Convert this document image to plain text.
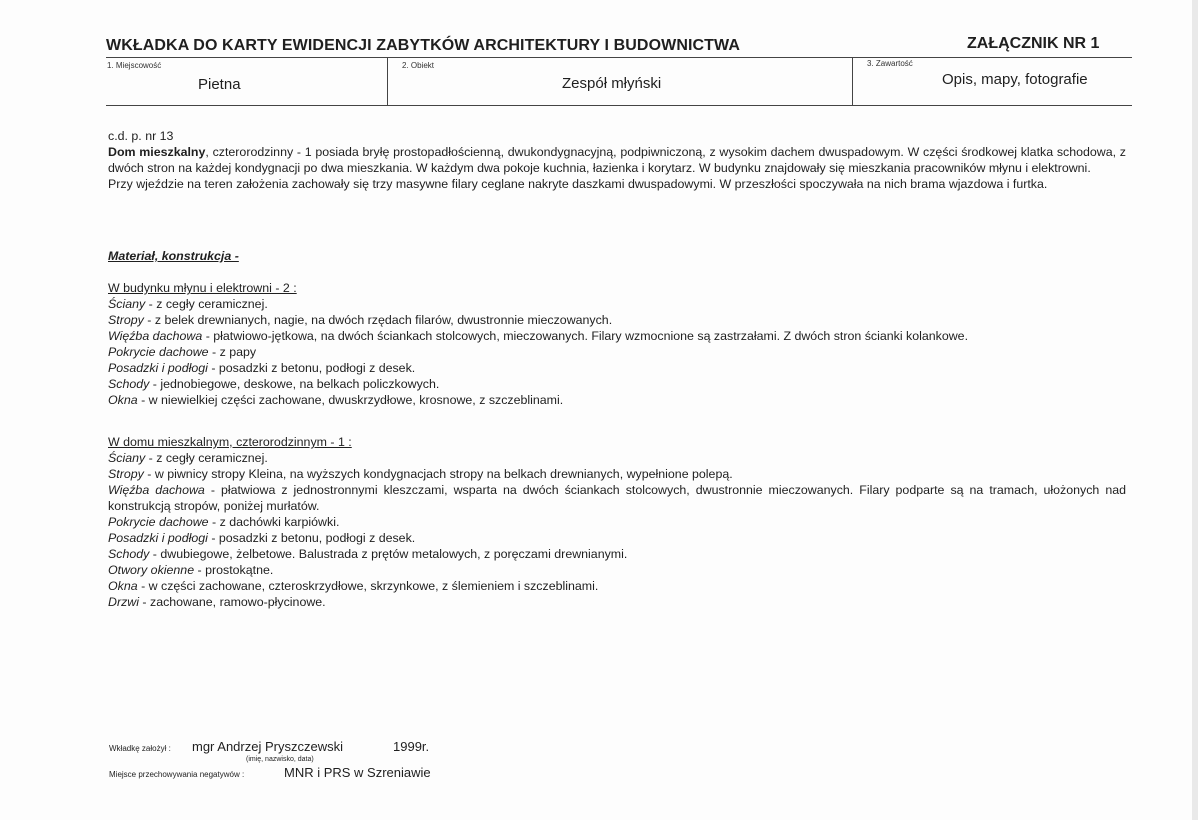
WKŁADKA DO KARTY EWIDENCJI ZABYTKÓW ARCHITEKTURY I BUDOWNICTWA	ZAŁĄCZNIK NR 1
1. Miejscowość
Pietna
2. Obiekt
Zespół młyński
3. Zawartość
Opis, mapy, fotografie

c.d. p. nr 13

Dom mieszkalny, czterorodzinny - 1 posiada bryłę prostopadłościenną, dwukondygnacyjną, podpiwniczoną, z wysokim dachem dwuspadowym. W części środkowej klatka schodowa, z dwóch stron na każdej kondygnacji po dwa mieszkania. W każdym dwa pokoje kuchnia, łazienka i korytarz. W budynku znajdowały się mieszkania pracowników młynu i elektrowni.

Przy wjeździe na teren założenia zachowały się trzy masywne filary ceglane nakryte daszkami dwuspadowymi. W przeszłości spoczywała na nich brama wjazdowa i furtka.

Materiał, konstrukcja -
W budynku młynu i elektrowni - 2 :
Ściany - z cegły ceramicznej.
Stropy - z belek drewnianych, nagie, na dwóch rzędach filarów, dwustronnie mieczowanych.
Więźba dachowa - płatwiowo-jętkowa, na dwóch ściankach stolcowych, mieczowanych. Filary wzmocnione są zastrzałami. Z dwóch stron ścianki kolankowe.
Pokrycie dachowe - z papy
Posadzki i podłogi - posadzki z betonu, podłogi z desek.
Schody - jednobiegowe, deskowe, na belkach policzkowych.
Okna - w niewielkiej części zachowane, dwuskrzydłowe, krosnowe, z szczeblinami.
W domu mieszkalnym, czterorodzinnym - 1 :
Ściany - z cegły ceramicznej.
Stropy - w piwnicy stropy Kleina, na wyższych kondygnacjach stropy na belkach drewnianych, wypełnione polepą.
Więźba dachowa - płatwiowa z jednostronnymi kleszczami, wsparta na dwóch ściankach stolcowych, dwustronnie mieczowanych. Filary podparte są na tramach, ułożonych nad konstrukcją stropów, poniżej murłatów.
Pokrycie dachowe - z dachówki karpiówki.
Posadzki i podłogi - posadzki z betonu, podłogi z desek.
Schody - dwubiegowe, żelbetowe. Balustrada z prętów metalowych, z poręczami drewnianymi.
Otwory okienne - prostokątne.
Okna - w części zachowane, czteroskrzydłowe, skrzynkowe, z ślemieniem i szczeblinami.
Drzwi - zachowane, ramowo-płycinowe.
Wkładkę założył : mgr Andrzej Pryszczewski	1999r.
(imię, nazwisko, data)
Miejsce przechowywania negatywów :	MNR i PRS w Szreniawie
